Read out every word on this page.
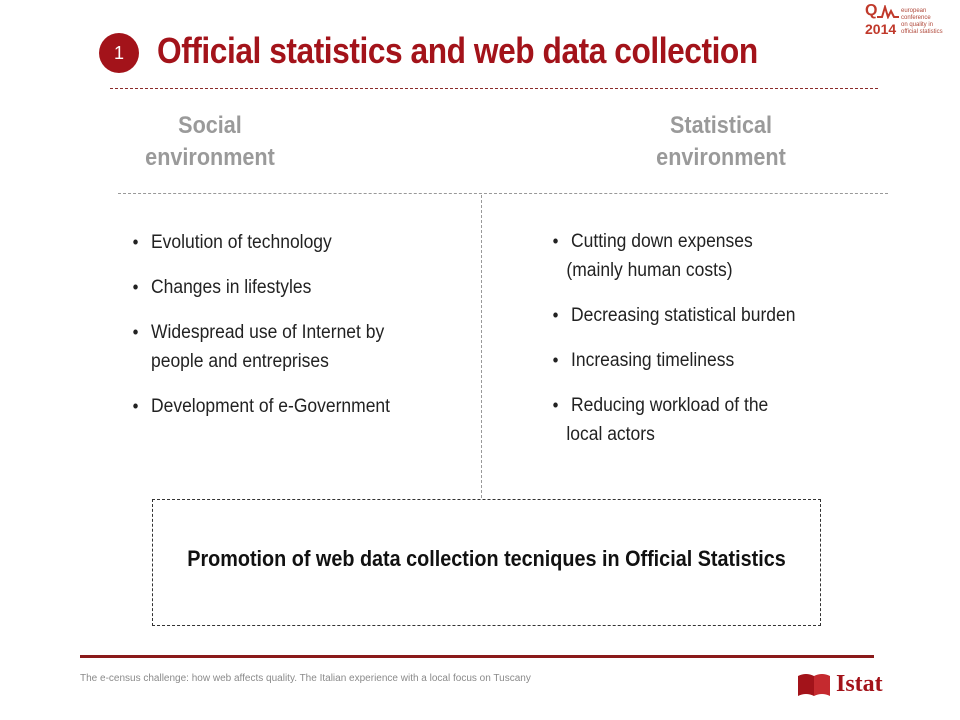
Q
2014
european conference
on quality in
official statistics
1 Official statistics and web data collection
Social
environment
Statistical
environment
• Evolution of technology
• Changes in lifestyles
• Widespread use of Internet by
people and entreprises
• Development of e-Government
• Cutting down expenses
(mainly human costs)
• Decreasing statistical burden
• Increasing timeliness
• Reducing workload of the
local actors
Promotion of web data collection tecniques in Official Statistics
The e-census challenge: how web affects quality. The Italian experience with a local focus on Tuscany	Istat
